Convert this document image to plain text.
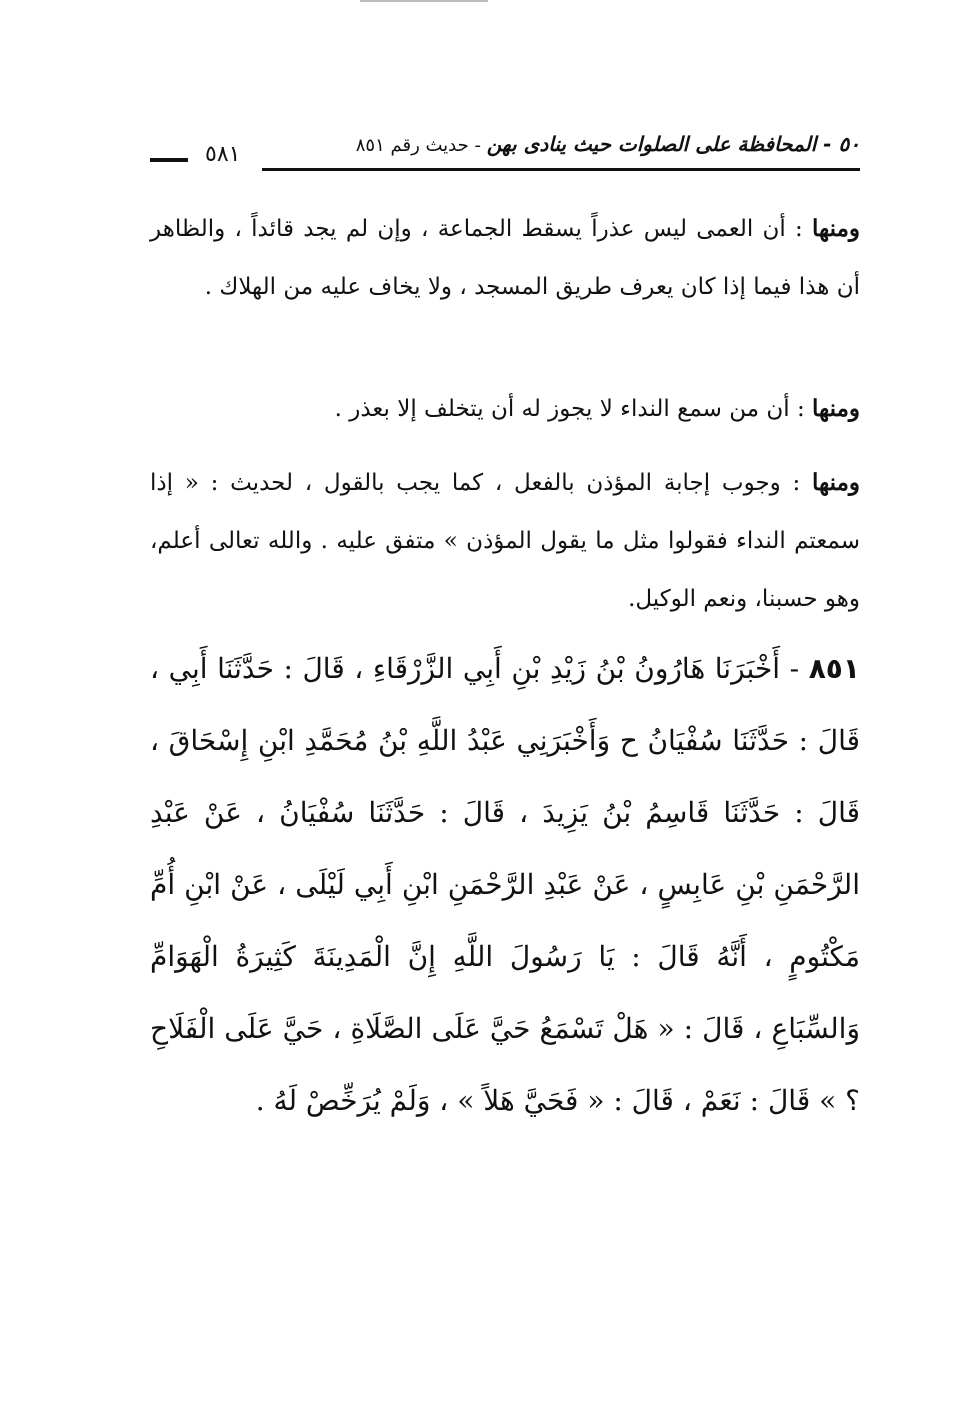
٥٠ - المحافظة على الصلوات حيث ينادى بهن - حديث رقم ٨٥١
٥٨١

ومنها : أن العمى ليس عذراً يسقط الجماعة ، وإن لم يجد قائداً ، والظاهر أن هذا فيما إذا كان يعرف طريق المسجد ، ولا يخاف عليه من الهلاك .

ومنها : أن من سمع النداء لا يجوز له أن يتخلف إلا بعذر .

ومنها : وجوب إجابة المؤذن بالفعل ، كما يجب بالقول ، لحديث : « إذا سمعتم النداء فقولوا مثل ما يقول المؤذن » متفق عليه . والله تعالى أعلم، وهو حسبنا، ونعم الوكيل.

٨٥١ - أَخْبَرَنَا هَارُونُ بْنُ زَيْدِ بْنِ أَبِي الزَّرْقَاءِ ، قَالَ : حَدَّثَنَا أَبِي ، قَالَ : حَدَّثَنَا سُفْيَانُ ح وَأَخْبَرَنِي عَبْدُ اللَّهِ بْنُ مُحَمَّدِ ابْنِ إِسْحَاقَ ، قَالَ : حَدَّثَنَا قَاسِمُ بْنُ يَزِيدَ ، قَالَ : حَدَّثَنَا سُفْيَانُ ، عَنْ عَبْدِ الرَّحْمَنِ بْنِ عَابِسٍ ، عَنْ عَبْدِ الرَّحْمَنِ ابْنِ أَبِي لَيْلَى ، عَنْ ابْنِ أُمِّ مَكْتُومٍ ، أَنَّهُ قَالَ : يَا رَسُولَ اللَّهِ إِنَّ الْمَدِينَةَ كَثِيرَةُ الْهَوَامِّ وَالسِّبَاعِ ، قَالَ : « هَلْ تَسْمَعُ حَيَّ عَلَى الصَّلَاةِ ، حَيَّ عَلَى الْفَلَاحِ ؟ » قَالَ : نَعَمْ ، قَالَ : « فَحَيَّ هَلاً » ، وَلَمْ يُرَخِّصْ لَهُ .
